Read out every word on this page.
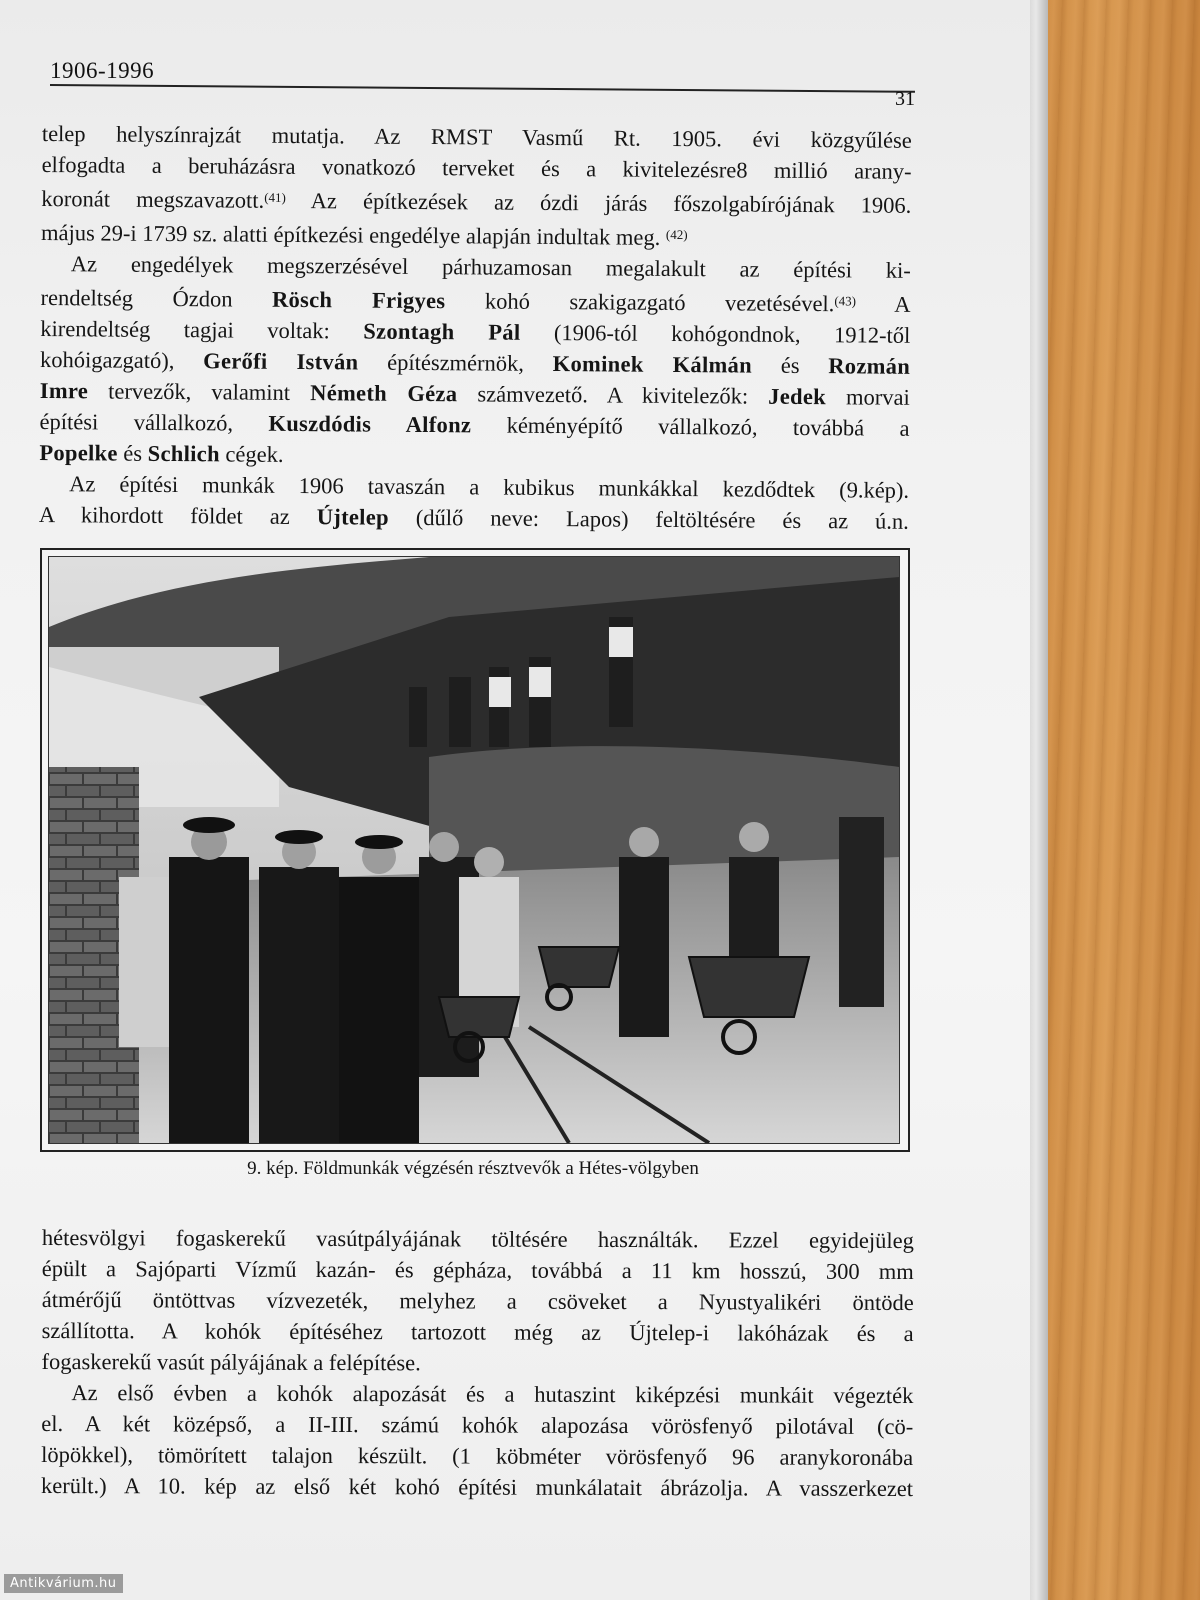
1906-1996
31
telep helyszínrajzát mutatja. Az RMST Vasmű Rt. 1905. évi közgyűlése
elfogadta a beruházásra vonatkozó terveket és a kivitelezésre8 millió arany-
koronát megszavazott.$^{(41)}$ Az építkezések az ózdi járás főszolgabírójának 1906.
május 29-i 1739 sz. alatti építkezési engedélye alapján indultak meg. $^{(42)}$
Az engedélyek megszerzésével párhuzamosan megalakult az építési ki-
rendeltség Ózdon Rösch Frigyes kohó szakigazgató vezetésével.$^{(43)}$ A
kirendeltség tagjai voltak: Szontagh Pál (1906-tól kohógondnok, 1912-től
kohóigazgató), Gerőfi István építészmérnök, Kominek Kálmán és Rozmán
Imre tervezők, valamint Németh Géza számvezető. A kivitelezők: Jedek morvai
építési vállalkozó, Kuszdódis Alfonz kéményépítő vállalkozó, továbbá a
Popelke és Schlich cégek.
Az építési munkák 1906 tavaszán a kubikus munkákkal kezdődtek (9.kép).
A kihordott földet az Újtelep (dűlő neve: Lapos) feltöltésére és az ú.n.
9. kép. Földmunkák végzésén résztvevők a Hétes-völgyben
hétesvölgyi fogaskerekű vasútpályájának töltésére használták. Ezzel egyidejüleg
épült a Sajóparti Vízmű kazán- és gépháza, továbbá a 11 km hosszú, 300 mm
átmérőjű öntöttvas vízvezeték, melyhez a csöveket a Nyustyalikéri öntöde
szállította. A kohók építéséhez tartozott még az Újtelep-i lakóházak és a
fogaskerekű vasút pályájának a felépítése.
Az első évben a kohók alapozását és a hutaszint kiképzési munkáit végezték
el. A két középső, a II-III. számú kohók alapozása vörösfenyő pilotával (cö-
löpökkel), tömörített talajon készült. (1 köbméter vörösfenyő 96 aranykoronába
került.) A 10. kép az első két kohó építési munkálatait ábrázolja. A vasszerkezet
Antikvárium.hu
